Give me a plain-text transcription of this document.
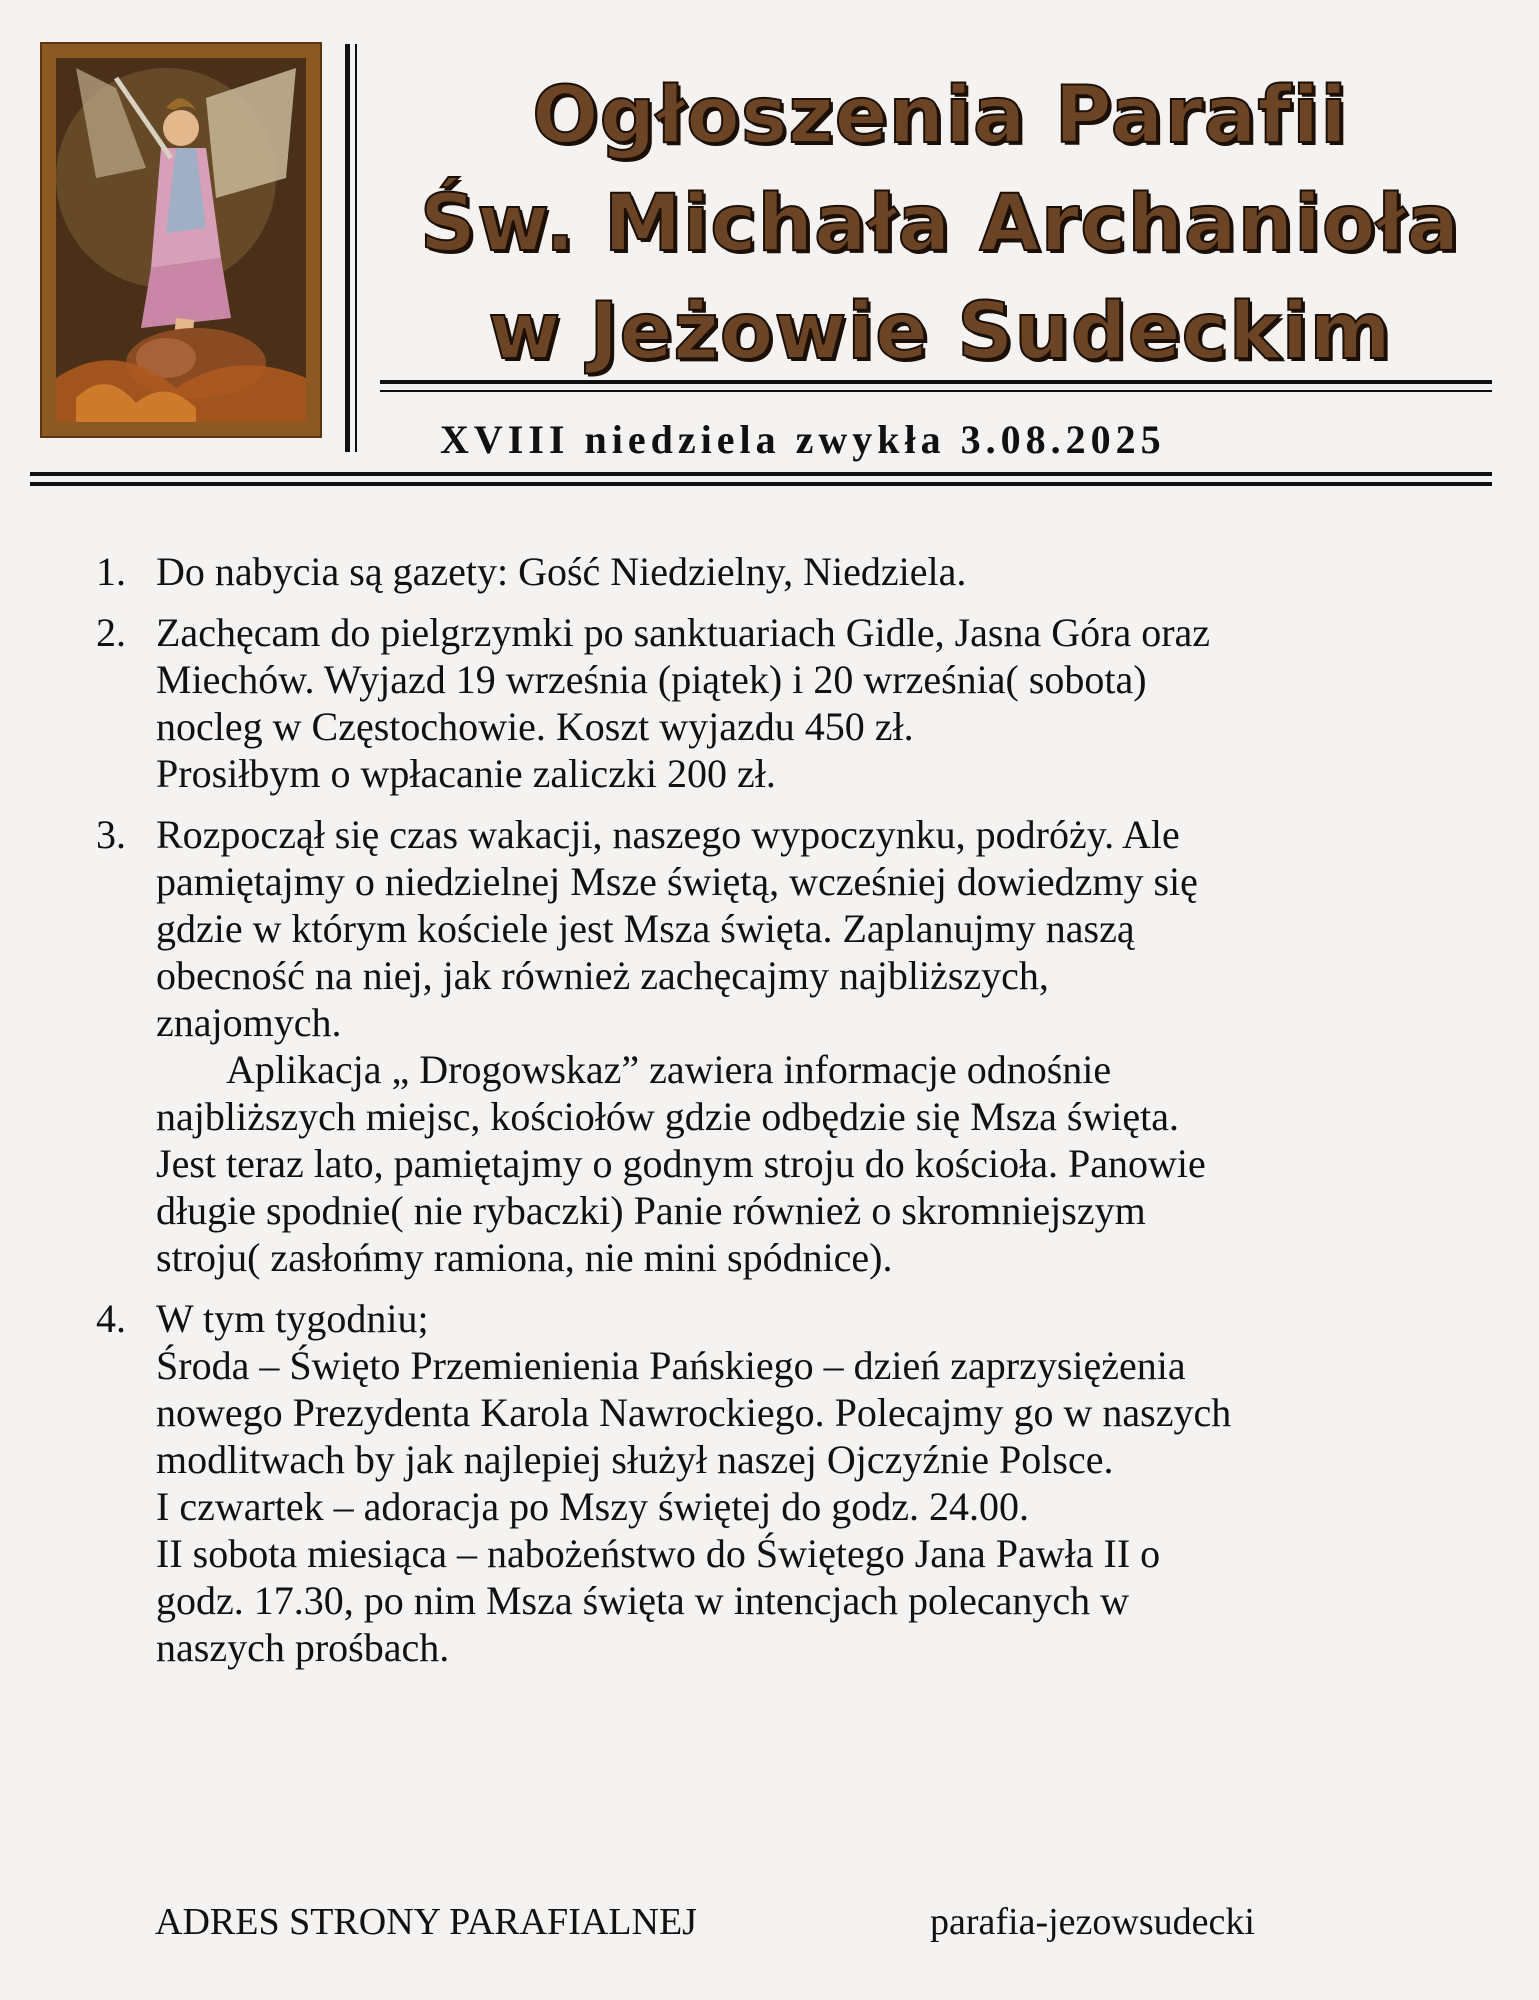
Ogłoszenia Parafii
Św. Michała Archanioła
w Jeżowie Sudeckim
XVIII niedziela zwykła 3.08.2025
1. Do nabycia są gazety: Gość Niedzielny, Niedziela.
2. Zachęcam do pielgrzymki po sanktuariach Gidle, Jasna Góra oraz
Miechów. Wyjazd 19 września (piątek) i 20 września( sobota)
nocleg w Częstochowie. Koszt wyjazdu 450 zł.
Prosiłbym o wpłacanie zaliczki 200 zł.
3. Rozpoczął się czas wakacji, naszego wypoczynku, podróży. Ale
pamiętajmy o niedzielnej Msze świętą, wcześniej dowiedzmy się
gdzie w którym kościele jest Msza święta. Zaplanujmy naszą
obecność na niej, jak również zachęcajmy najbliższych,
znajomych.
Aplikacja „ Drogowskaz” zawiera informacje odnośnie
najbliższych miejsc, kościołów gdzie odbędzie się Msza święta.
Jest teraz lato, pamiętajmy o godnym stroju do kościoła. Panowie
długie spodnie( nie rybaczki) Panie również o skromniejszym
stroju( zasłońmy ramiona, nie mini spódnice).
4. W tym tygodniu;
Środa – Święto Przemienienia Pańskiego – dzień zaprzysiężenia
nowego Prezydenta Karola Nawrockiego. Polecajmy go w naszych
modlitwach by jak najlepiej służył naszej Ojczyźnie Polsce.
I czwartek – adoracja po Mszy świętej do godz. 24.00.
II sobota miesiąca – nabożeństwo do Świętego Jana Pawła II o
godz. 17.30, po nim Msza święta w intencjach polecanych w
naszych prośbach.
ADRES STRONY PARAFIALNEJ	parafia-jezowsudecki
